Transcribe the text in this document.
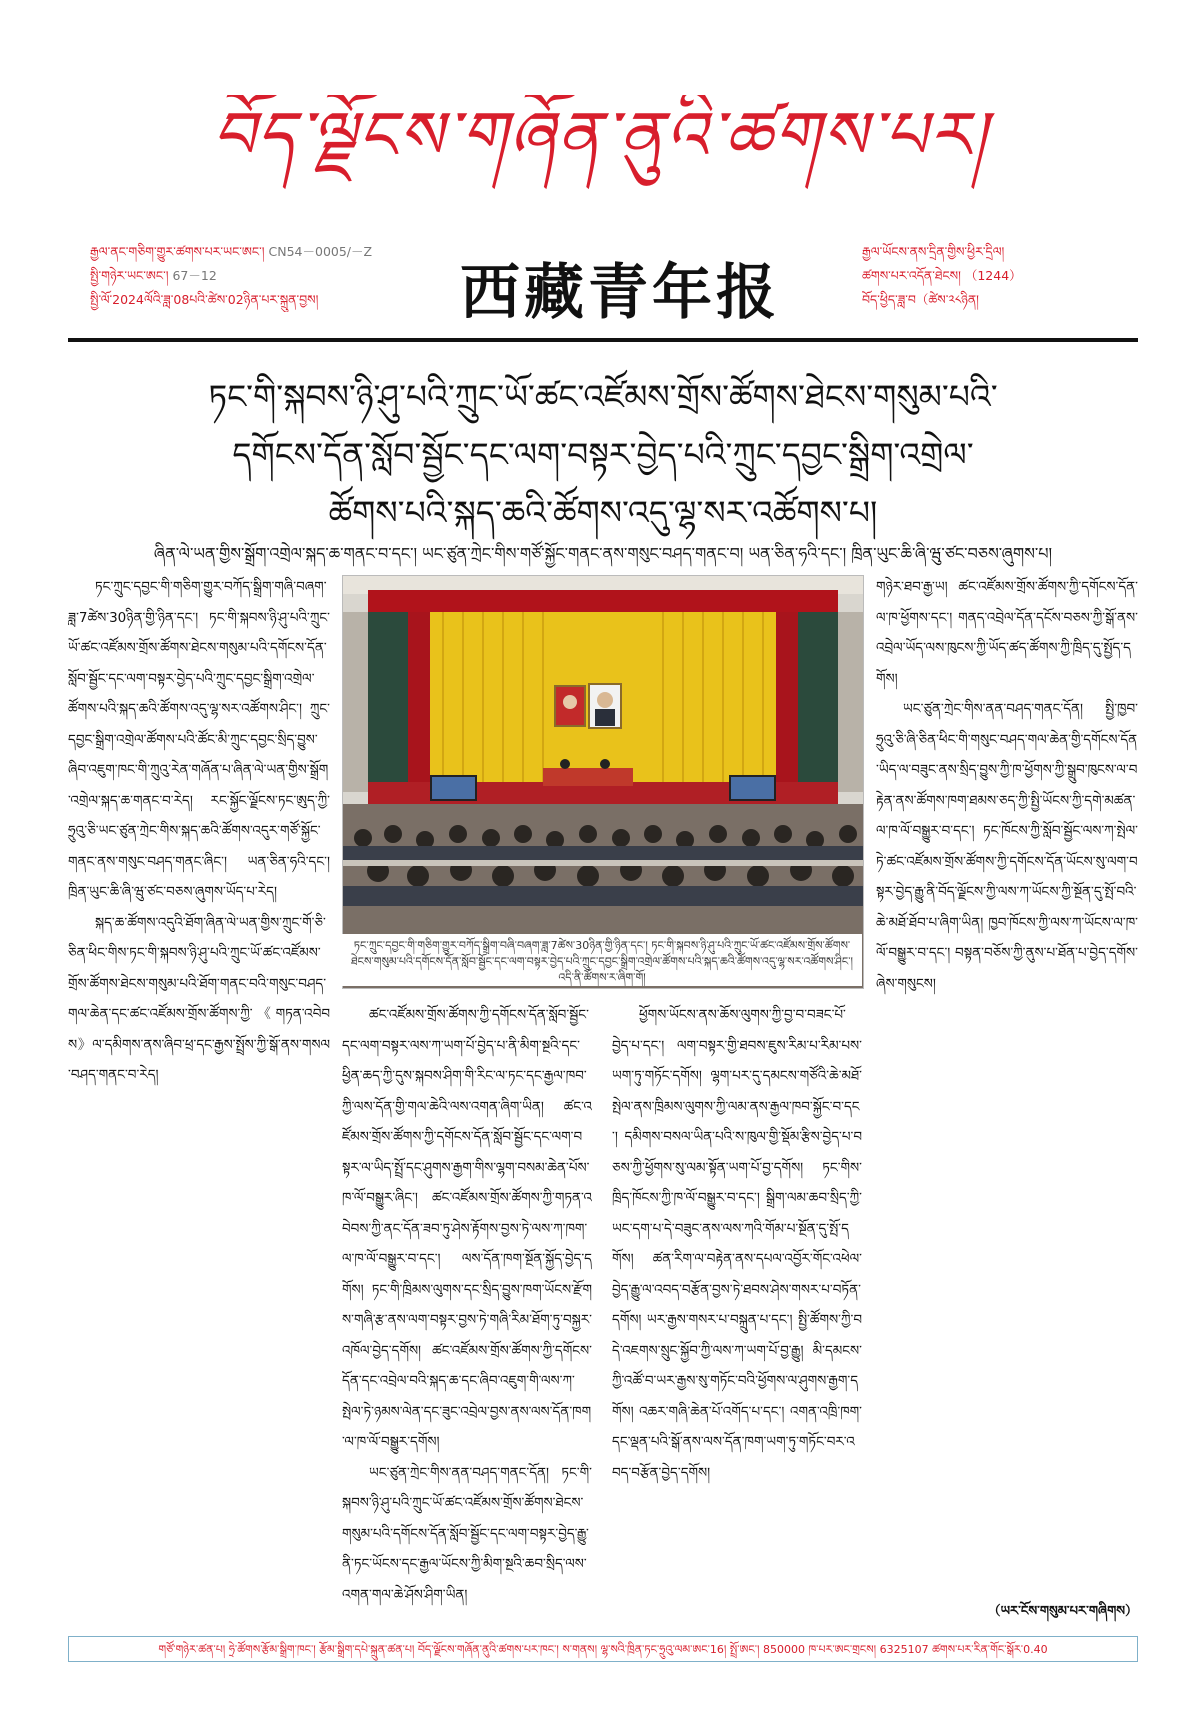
བོད་ལྗོངས་གཞོན་ནུའི་ཚགས་པར།
རྒྱལ་ནང་གཅིག་གྱུར་ཚགས་པར་ཡང་ཨང་། CN54－0005/－Z
སྤྱི་གཉེར་ཡང་ཨང་། 67－12
སྤྱི་ལོ་2024ལོའི་ཟླ་08པའི་ཚེས་02ཉིན་པར་སྐྲུན་བྱས།	西藏青年报
རྒྱལ་ཡོངས་ནས་དྲིན་གྱིས་ཕྱིར་དྲིལ།
ཚགས་པར་འདོན་ཐེངས། （1244）
བོད་ཕྱིད་ཟླ་བ（ཚེས་༢༨ཉིན།
ཏང་གི་སྐབས་ཉི་ཤུ་པའི་ཀྲུང་ཡོ་ཚང་འཛོམས་གྲོས་ཚོགས་ཐེངས་གསུམ་པའི་
དགོངས་དོན་སློབ་སྦྱོང་དང་ལག་བསྟར་བྱེད་པའི་ཀྲུང་དབྱང་སྒྲིག་འགྲེལ་
ཚོགས་པའི་སྐད་ཆའི་ཚོགས་འདུ་ལྷ་སར་འཚོགས་པ།
ཞིན་ལེ་ཡན་གྱིས་སྒྲོག་འགྲེལ་སྐད་ཆ་གནང་བ་དང་། ཡང་ཙུན་ཀྲེང་གིས་གཙོ་སྐྱོང་གནང་ནས་གསུང་བཤད་གནང་བ། ཡན་ཅིན་ཧའི་དང་། ཁྲིན་ཡུང་ཆི་ཞི་ཝུ་ཙང་བཅས་ཞུགས་པ།

ཏང་ཀྲུང་དབྱང་གི་གཅིག་གྱུར་བཀོད་སྒྲིག་གཞི་བཞག་ཟླ་7ཚེས་30ཉིན་གྱི་ཉིན་དང་། ཏང་གི་སྐབས་ཉི་ཤུ་པའི་ཀྲུང་ཡོ་ཚང་འཛོམས་གྲོས་ཚོགས་ཐེངས་གསུམ་པའི་དགོངས་དོན་སློབ་སྦྱོང་དང་ལག་བསྟར་བྱེད་པའི་ཀྲུང་དབྱང་སྒྲིག་འགྲེལ་ཚོགས་པའི་སྐད་ཆའི་ཚོགས་འདུ་ལྷ་སར་འཚོགས་ཤིང་། ཀྲུང་དབྱང་སྒྲིག་འགྲེལ་ཚོགས་པའི་ཚོང་མི་ཀྲུང་དབྱང་སྲིད་བྱུས་ཞིབ་འཇུག་ཁང་གི་ཀྲུའུ་རེན་གཞོན་པ་ཞིན་ལེ་ཡན་གྱིས་སྒྲོག་འགྲེལ་སྐད་ཆ་གནང་བ་རེད། རང་སྐྱོང་ལྗོངས་ཏང་ཨུད་ཀྱི་ཧྲུའུ་ཅི་ཡང་ཙུན་ཀྲེང་གིས་སྐད་ཆའི་ཚོགས་འདུར་གཙོ་སྐྱོང་གནང་ནས་གསུང་བཤད་གནང་ཞིང་། ཡན་ཅིན་ཧའི་དང་། ཁྲིན་ཡུང་ཆི་ཞི་ཝུ་ཙང་བཅས་ཞུགས་ཡོད་པ་རེད།

སྐད་ཆ་ཚོགས་འདུའི་ཐོག་ཞིན་ལེ་ཡན་གྱིས་ཀྲུང་གོ་ཅི་ཅིན་ཕིང་གིས་ཏང་གི་སྐབས་ཉི་ཤུ་པའི་ཀྲུང་ཡོ་ཚང་འཛོམས་གྲོས་ཚོགས་ཐེངས་གསུམ་པའི་ཐོག་གནང་བའི་གསུང་བཤད་གལ་ཆེན་དང་ཚང་འཛོམས་གྲོས་ཚོགས་ཀྱི་《གཏན་འབེབས》ལ་དམིགས་ནས་ཞིབ་ཕྲ་དང་རྒྱས་སྤྲོས་ཀྱི་སྒོ་ནས་གསལ་བཤད་གནང་བ་རེད།

ཏང་ཀྲུང་དབྱང་གི་གཅིག་གྱུར་བཀོད་སྒྲིག་བཞི་བཞག་ཟླ་7ཚེས་30ཉིན་གྱི་ཉིན་དང་། ཏང་གི་སྐབས་ཉི་ཤུ་པའི་ཀྲུང་ཡོ་ཚང་འཛོམས་གྲོས་ཚོགས་ཐེངས་གསུམ་པའི་དགོངས་དོན་སློབ་སྦྱོང་དང་ལག་བསྟར་བྱེད་པའི་ཀྲུང་དབྱང་སྒྲིག་འགྲེལ་ཚོགས་པའི་སྐད་ཆའི་ཚོགས་འདུ་ལྷ་སར་འཚོགས་ཤིང་། འདི་ནི་ཚོགས་ར་ཞིག་གོ།

ཚང་འཛོམས་གྲོས་ཚོགས་ཀྱི་དགོངས་དོན་སློབ་སྦྱོང་དང་ལག་བསྟར་ལས་ཀ་ཡག་པོ་བྱེད་པ་ནི་མིག་སྔའི་དང་ཕྱིན་ཆད་ཀྱི་དུས་སྐབས་ཤིག་གི་རིང་ལ་ཏང་དང་རྒྱལ་ཁབ་ཀྱི་ལས་དོན་གྱི་གལ་ཆེའི་ལས་འགན་ཞིག་ཡིན། ཚང་འཛོམས་གྲོས་ཚོགས་ཀྱི་དགོངས་དོན་སློབ་སྦྱོང་དང་ལག་བསྟར་ལ་ཡིད་སྤྲོ་དང་ཤུགས་རྒྱག་གིས་ལྷག་བསམ་ཆེན་པོས་ཁ་ལོ་བསྒྱུར་ཞིང་། ཚང་འཛོམས་གྲོས་ཚོགས་ཀྱི་གཏན་འབེབས་ཀྱི་ནང་དོན་ཟབ་ཏུ་ཤེས་རྟོགས་བྱས་ཏེ་ལས་ཀ་ཁག་ལ་ཁ་ལོ་བསྒྱུར་བ་དང་། ལས་དོན་ཁག་སྔོན་སྐྱོད་བྱེད་དགོས། ཏང་གི་ཁྲིམས་ལུགས་དང་སྲིད་བྱུས་ཁག་ཡོངས་རྫོགས་གཞི་རྩ་ནས་ལག་བསྟར་བྱས་ཏེ་གཞི་རིམ་ཐོག་ཏུ་བསྐྱར་འཁོལ་བྱེད་དགོས། ཚང་འཛོམས་གྲོས་ཚོགས་ཀྱི་དགོངས་དོན་དང་འབྲེལ་བའི་སྐད་ཆ་དང་ཞིབ་འཇུག་གི་ལས་ཀ་སྤེལ་ཏེ་ཉམས་ལེན་དང་ཟུང་འབྲེལ་བྱས་ནས་ལས་དོན་ཁག་ལ་ཁ་ལོ་བསྒྱུར་དགོས།

ཡང་ཙུན་ཀྲེང་གིས་ནན་བཤད་གནང་དོན། ཏང་གི་སྐབས་ཉི་ཤུ་པའི་ཀྲུང་ཡོ་ཚང་འཛོམས་གྲོས་ཚོགས་ཐེངས་གསུམ་པའི་དགོངས་དོན་སློབ་སྦྱོང་དང་ལག་བསྟར་བྱེད་རྒྱུ་ནི་ཏང་ཡོངས་དང་རྒྱལ་ཡོངས་ཀྱི་མིག་སྔའི་ཆབ་སྲིད་ལས་འགན་གལ་ཆེ་ཤོས་ཤིག་ཡིན།

ཕྱོགས་ཡོངས་ནས་ཆོས་ལུགས་ཀྱི་བྱ་བ་བཟང་པོ་བྱེད་པ་དང་། ལག་བསྟར་གྱི་ཐབས་ཇུས་རིམ་པ་རིམ་པས་ཡག་ཏུ་གཏོང་དགོས། ལྷག་པར་དུ་དམངས་གཙོའི་ཆེ་མཐོ་སྤེལ་ནས་ཁྲིམས་ལུགས་ཀྱི་ལམ་ནས་རྒྱལ་ཁབ་སྐྱོང་བ་དང་། དམིགས་བསལ་ཡིན་པའི་ས་ཁུལ་གྱི་སྡོམ་རྩིས་བྱེད་པ་བཅས་ཀྱི་ཕྱོགས་སུ་ལམ་སྟོན་ཡག་པོ་བྱ་དགོས། ཏང་གིས་ཁྲིད་ཁོངས་ཀྱི་ཁ་ལོ་བསྒྱུར་བ་དང་། སྒྲིག་ལམ་ཆབ་སྲིད་ཀྱི་ཡང་དག་པ་དེ་བཟུང་ནས་ལས་ཀའི་གོམ་པ་སྔོན་དུ་སྤོ་དགོས། ཚན་རིག་ལ་བརྟེན་ནས་དཔལ་འབྱོར་གོང་འཕེལ་བྱེད་རྒྱུ་ལ་འབད་བརྩོན་བྱས་ཏེ་ཐབས་ཤེས་གསར་པ་བཏོན་དགོས། ཡར་རྒྱས་གསར་པ་བསྐྲུན་པ་དང་། སྤྱི་ཚོགས་ཀྱི་བདེ་འཇགས་སྲུང་སྐྱོབ་ཀྱི་ལས་ཀ་ཡག་པོ་བྱ་རྒྱུ། མི་དམངས་ཀྱི་འཚོ་བ་ཡར་རྒྱས་སུ་གཏོང་བའི་ཕྱོགས་ལ་ཤུགས་རྒྱག་དགོས། འཆར་གཞི་ཆེན་པོ་འགོད་པ་དང་། འགན་འཁྲི་ཁག་དང་ལྡན་པའི་སྒོ་ནས་ལས་དོན་ཁག་ཡག་ཏུ་གཏོང་བར་འབད་བརྩོན་བྱེད་དགོས།

གཉེར་ཐབ་རྒྱ་ཡ། ཚང་འཛོམས་གྲོས་ཚོགས་ཀྱི་དགོངས་དོན་ལ་ཁ་ཕྱོགས་དང་། གནད་འབྲེལ་དོན་དངོས་བཅས་ཀྱི་སྒོ་ནས་འབྲེལ་ཡོད་ལས་ཁུངས་ཀྱི་ཡོད་ཚད་ཚོགས་ཀྱི་ཁྲིད་དུ་སྤྱོད་དགོས།

ཡང་ཙུན་ཀྲེང་གིས་ནན་བཤད་གནང་དོན། སྤྱི་ཁྱབ་ཧྲུའུ་ཅི་ཞི་ཅིན་ཕིང་གི་གསུང་བཤད་གལ་ཆེན་གྱི་དགོངས་དོན་ཡིད་ལ་བཟུང་ནས་སྲིད་བྱུས་ཀྱི་ཁ་ཕྱོགས་ཀྱི་སྒྲུབ་ཁུངས་ལ་བརྟེན་ནས་ཚོགས་ཁག་ཐམས་ཅད་ཀྱི་སྤྱི་ཡོངས་ཀྱི་དགེ་མཚན་ལ་ཁ་ལོ་བསྒྱུར་བ་དང་། ཏང་ཁོངས་ཀྱི་སློབ་སྦྱོང་ལས་ཀ་སྤེལ་ཏེ་ཚང་འཛོམས་གྲོས་ཚོགས་ཀྱི་དགོངས་དོན་ཡོངས་སུ་ལག་བསྟར་བྱེད་རྒྱུ་ནི་བོད་ལྗོངས་ཀྱི་ལས་ཀ་ཡོངས་ཀྱི་སྔོན་དུ་སྤོ་བའི་ཆེ་མཐོ་ཐོབ་པ་ཞིག་ཡིན། ཁྱབ་ཁོངས་ཀྱི་ལས་ཀ་ཡོངས་ལ་ཁ་ལོ་བསྒྱུར་བ་དང་། བསྟན་བཅོས་ཀྱི་ནུས་པ་ཐོན་པ་བྱེད་དགོས་ཞེས་གསུངས།

（ཡར་ངོས་གསུམ་པར་གཞིགས）
གཙོ་གཉེར་ཚན་པ། ཧྲེ་ཚོགས་རྩོམ་སྒྲིག་ཁང་། རྩོམ་སྒྲིག་དཔེ་སྐྲུན་ཚན་པ། བོད་ལྗོངས་གཞོན་ནུའི་ཚགས་པར་ཁང་། ས་གནས། ལྷ་སའི་ཁྲིན་ཏང་ཧྲུའུ་ལམ་ཨང་16། སྤྲོ་ཨང་། 850000 ཁ་པར་ཨང་གྲངས། 6325107 ཚགས་པར་རིན་གོང་སྒོར་0.40
